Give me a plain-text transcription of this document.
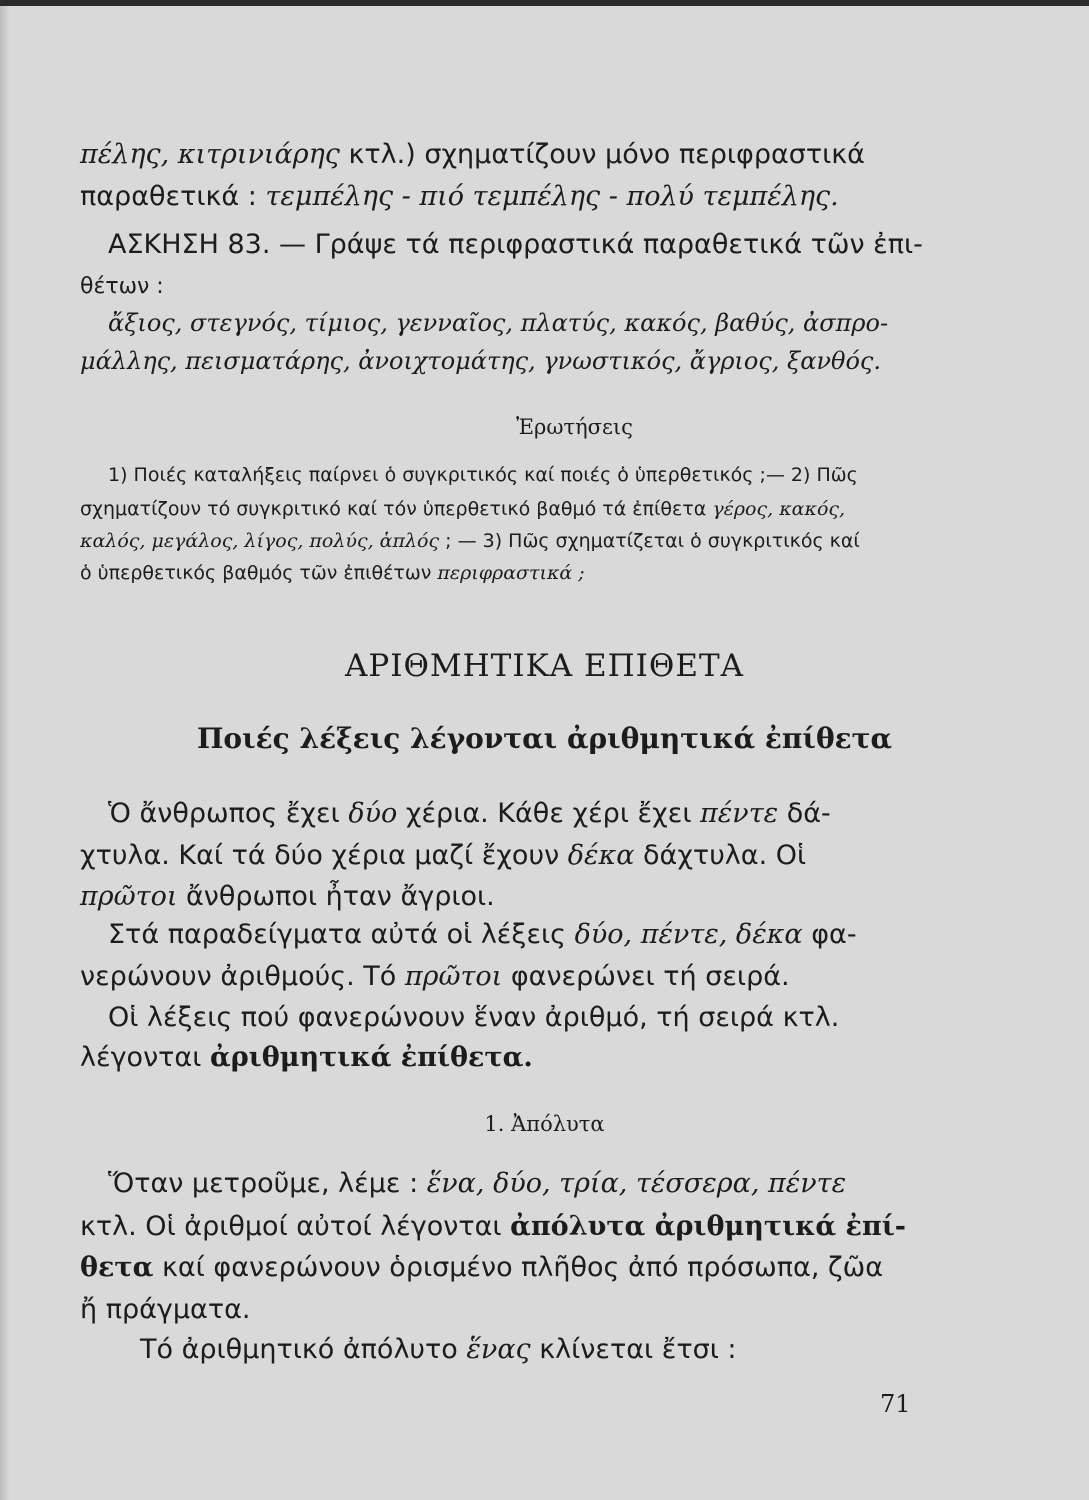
πέλης, κιτρινιάρης κτλ.) σχηματίζουν μόνο περιφραστικά
παραθετικά : τεμπέλης - πιό τεμπέλης - πολύ τεμπέλης.
ΑΣΚΗΣΗ 83. — Γράψε τά περιφραστικά παραθετικά τῶν ἐπι-
θέτων :
ἄξιος, στεγνός, τίμιος, γενναῖος, πλατύς, κακός, βαθύς, ἀσπρο-
μάλλης, πεισματάρης, ἀνοιχτομάτης, γνωστικός, ἄγριος, ξανθός.
Ἐρωτήσεις
1) Ποιές καταλήξεις παίρνει ὁ συγκριτικός καί ποιές ὁ ὑπερθετικός ;— 2) Πῶς
σχηματίζουν τό συγκριτικό καί τόν ὑπερθετικό βαθμό τά ἐπίθετα γέρος, κακός,
καλός, μεγάλος, λίγος, πολύς, ἁπλός ; — 3) Πῶς σχηματίζεται ὁ συγκριτικός καί
ὁ ὑπερθετικός βαθμός τῶν ἐπιθέτων περιφραστικά ;
ΑΡΙΘΜΗΤΙΚΑ ΕΠΙΘΕΤΑ
Ποιές λέξεις λέγονται ἀριθμητικά ἐπίθετα
Ὁ ἄνθρωπος ἔχει δύο χέρια. Κάθε χέρι ἔχει πέντε δά-
χτυλα. Καί τά δύο χέρια μαζί ἔχουν δέκα δάχτυλα. Οἱ
πρῶτοι ἄνθρωποι ἦταν ἄγριοι.
Στά παραδείγματα αὐτά οἱ λέξεις δύο, πέντε, δέκα φα-
νερώνουν ἀριθμούς. Τό πρῶτοι φανερώνει τή σειρά.
Οἱ λέξεις πού φανερώνουν ἕναν ἀριθμό, τή σειρά κτλ.
λέγονται ἀριθμητικά ἐπίθετα.
1. Ἀπόλυτα
Ὅταν μετροῦμε, λέμε : ἕνα, δύο, τρία, τέσσερα, πέντε
κτλ. Οἱ ἀριθμοί αὐτοί λέγονται ἀπόλυτα ἀριθμητικά ἐπί-
θετα καί φανερώνουν ὁρισμένο πλῆθος ἀπό πρόσωπα, ζῶα
ἤ πράγματα.
Τό ἀριθμητικό ἀπόλυτο ἕνας κλίνεται ἔτσι :
71
